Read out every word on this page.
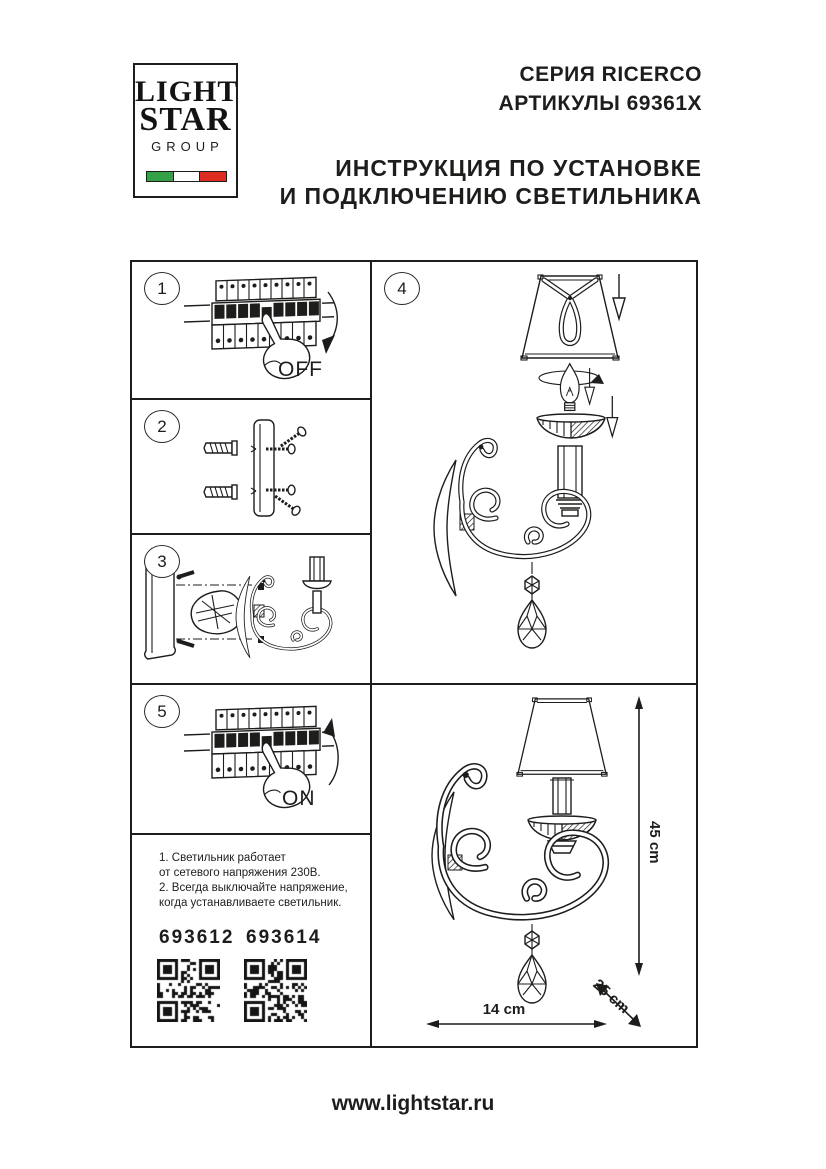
LIGHT
STAR
GROUP
СЕРИЯ RICERCO
АРТИКУЛЫ 69361X
ИНСТРУКЦИЯ ПО УСТАНОВКЕ
И ПОДКЛЮЧЕНИЮ СВЕТИЛЬНИКА
1
OFF
2
3
5
ON
1. Светильник работает
от сетевого напряжения 230В.
2. Всегда выключайте напряжение,
когда устанавливаете светильник.
693612 693614
4
45 cm
25 cm
14 cm
www.lightstar.ru
